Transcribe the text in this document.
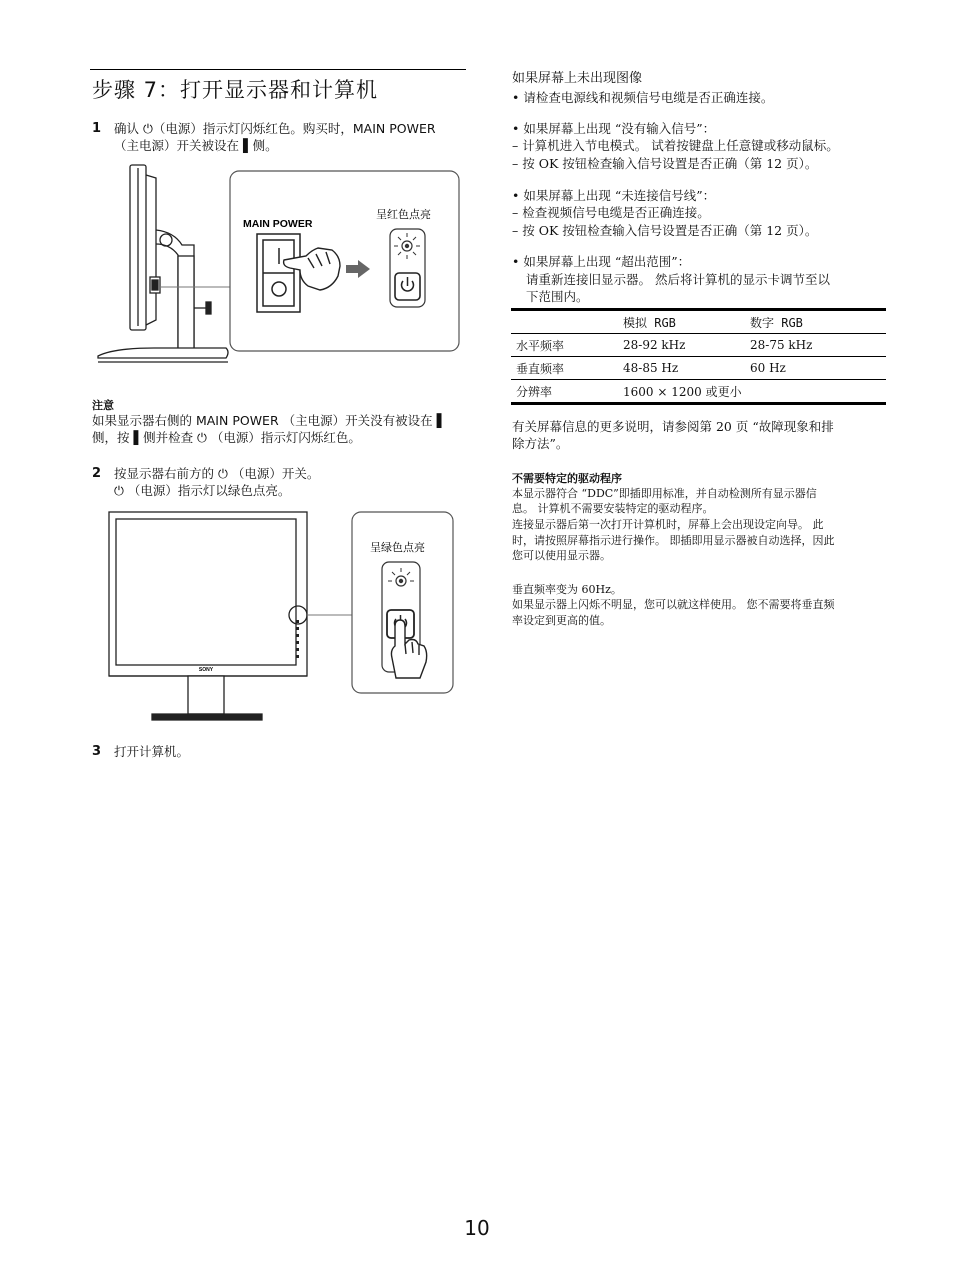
步骤 7：打开显示器和计算机
1 确认 ⏻（电源）指示灯闪烁红色。购买时，MAIN POWER
（主电源）开关被设在 ▌侧。
MAIN POWER
呈红色点亮
注意
如果显示器右侧的 MAIN POWER （主电源）开关没有被设在 ▌
侧，按 ▌侧并检查 ⏻ （电源）指示灯闪烁红色。
2 按显示器右前方的 ⏻ （电源）开关。
⏻ （电源）指示灯以绿色点亮。
SONY
呈绿色点亮
3 打开计算机。
如果屏幕上未出现图像
• 请检查电源线和视频信号电缆是否正确连接。
• 如果屏幕上出现 “没有输入信号”：
– 计算机进入节电模式。 试着按键盘上任意键或移动鼠标。
– 按 OK 按钮检查输入信号设置是否正确（第 12 页）。
• 如果屏幕上出现 “未连接信号线”：
– 检查视频信号电缆是否正确连接。
– 按 OK 按钮检查输入信号设置是否正确（第 12 页）。
• 如果屏幕上出现 “超出范围”：
请重新连接旧显示器。 然后将计算机的显示卡调节至以
下范围内。
	模拟 RGB	数字 RGB
水平频率	28-92 kHz	28-75 kHz
垂直频率	48-85 Hz	60 Hz
分辨率	1600 × 1200 或更小	
有关屏幕信息的更多说明，请参阅第 20 页 “故障现象和排
除方法”。
不需要特定的驱动程序
本显示器符合 “DDC”即插即用标准，并自动检测所有显示器信
息。 计算机不需要安装特定的驱动程序。
连接显示器后第一次打开计算机时，屏幕上会出现设定向导。 此
时，请按照屏幕指示进行操作。 即插即用显示器被自动选择，因此
您可以使用显示器。
垂直频率变为 60Hz。
如果显示器上闪烁不明显，您可以就这样使用。 您不需要将垂直频
率设定到更高的值。
10
